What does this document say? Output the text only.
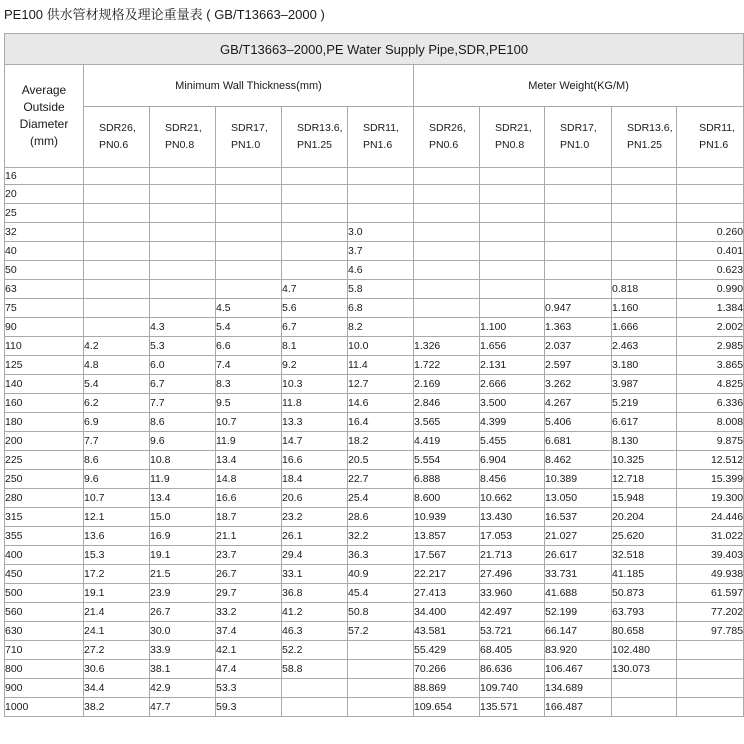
PE100 供水管材规格及理论重量表 ( GB/T13663–2000 )
GB/T13663–2000,PE Water Supply Pipe,SDR,PE100										
Average
Outside
Diameter
(mm)	Minimum Wall Thickness(mm)					Meter Weight(KG/M)				
	SDR26,
PN0.6	SDR21,
PN0.8	SDR17,
PN1.0	SDR13.6,
PN1.25	SDR11,
PN1.6	SDR26,
PN0.6	SDR21,
PN0.8	SDR17,
PN1.0	SDR13.6,
PN1.25	SDR11,
PN1.6
16										
20										
25										
32					3.0					0.260
40					3.7					0.401
50					4.6					0.623
63				4.7	5.8				0.818	0.990
75			4.5	5.6	6.8			0.947	1.160	1.384
90		4.3	5.4	6.7	8.2		1.100	1.363	1.666	2.002
110	4.2	5.3	6.6	8.1	10.0	1.326	1.656	2.037	2.463	2.985
125	4.8	6.0	7.4	9.2	11.4	1.722	2.131	2.597	3.180	3.865
140	5.4	6.7	8.3	10.3	12.7	2.169	2.666	3.262	3.987	4.825
160	6.2	7.7	9.5	11.8	14.6	2.846	3.500	4.267	5.219	6.336
180	6.9	8.6	10.7	13.3	16.4	3.565	4.399	5.406	6.617	8.008
200	7.7	9.6	11.9	14.7	18.2	4.419	5.455	6.681	8.130	9.875
225	8.6	10.8	13.4	16.6	20.5	5.554	6.904	8.462	10.325	12.512
250	9.6	11.9	14.8	18.4	22.7	6.888	8.456	10.389	12.718	15.399
280	10.7	13.4	16.6	20.6	25.4	8.600	10.662	13.050	15.948	19.300
315	12.1	15.0	18.7	23.2	28.6	10.939	13.430	16.537	20.204	24.446
355	13.6	16.9	21.1	26.1	32.2	13.857	17.053	21.027	25.620	31.022
400	15.3	19.1	23.7	29.4	36.3	17.567	21.713	26.617	32.518	39.403
450	17.2	21.5	26.7	33.1	40.9	22.217	27.496	33.731	41.185	49.938
500	19.1	23.9	29.7	36.8	45.4	27.413	33.960	41.688	50.873	61.597
560	21.4	26.7	33.2	41.2	50.8	34.400	42.497	52.199	63.793	77.202
630	24.1	30.0	37.4	46.3	57.2	43.581	53.721	66.147	80.658	97.785
710	27.2	33.9	42.1	52.2		55.429	68.405	83.920	102.480	
800	30.6	38.1	47.4	58.8		70.266	86.636	106.467	130.073	
900	34.4	42.9	53.3			88.869	109.740	134.689		
1000	38.2	47.7	59.3			109.654	135.571	166.487		
